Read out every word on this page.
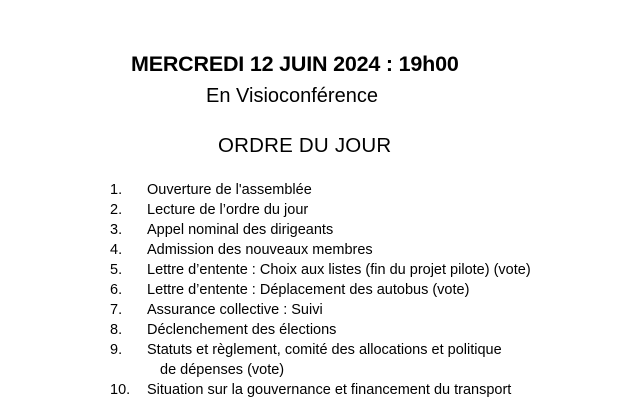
MERCREDI 12 JUIN 2024 : 19h00
En Visioconférence
ORDRE DU JOUR
1. Ouverture de l'assemblée
2. Lecture de l’ordre du jour
3. Appel nominal des dirigeants
4. Admission des nouveaux membres
5. Lettre d’entente : Choix aux listes (fin du projet pilote) (vote)
6. Lettre d’entente : Déplacement des autobus (vote)
7. Assurance collective : Suivi
8. Déclenchement des élections
9. Statuts et règlement, comité des allocations et politique
de dépenses (vote)
10. Situation sur la gouvernance et financement du transport
